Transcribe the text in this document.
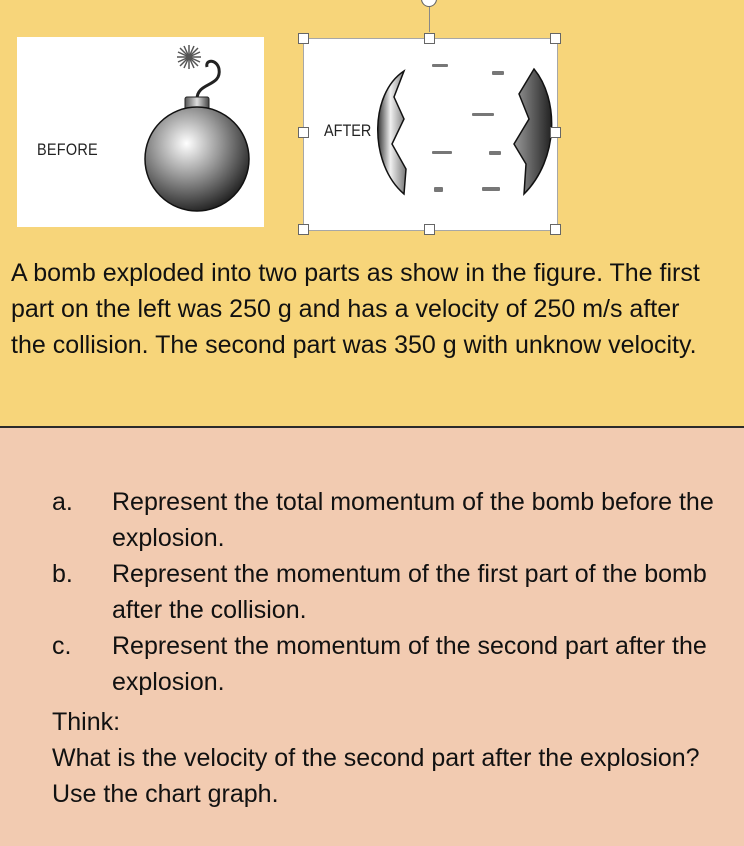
BEFORE
AFTER
A bomb exploded into two parts as show in the figure. The first part on the left was 250 g and has a velocity of 250 m/s after the collision. The second part was 350 g with unknow velocity.
a. Represent the total momentum of the bomb before the explosion.
b. Represent the momentum of the first part of the bomb after the collision.
c. Represent the momentum of the second part after the explosion.
Think:
What is the velocity of the second part after the explosion? Use the chart graph.
